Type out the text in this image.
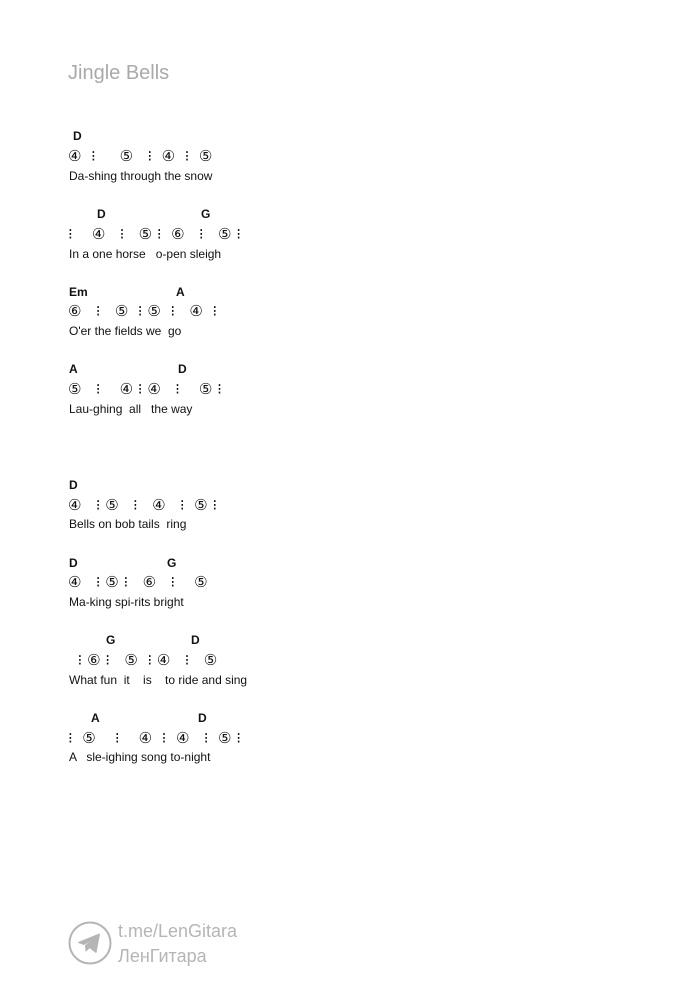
Jingle Bells
D
④  ⁝     ⑤   ⁝  ④  ⁝  ⑤
Da-shing through the snow
D	G
⁝    ④   ⁝   ⑤ ⁝  ⑥   ⁝   ⑤ ⁝
In a one horse   o-pen sleigh
Em	A
⑥   ⁝   ⑤  ⁝ ⑤  ⁝   ④  ⁝
O'er the fields we  go
A	D
⑤   ⁝    ④ ⁝ ④   ⁝    ⑤ ⁝
Lau-ghing  all   the way
D
④   ⁝ ⑤   ⁝   ④   ⁝  ⑤ ⁝
Bells on bob tails  ring
D	G
④   ⁝ ⑤ ⁝   ⑥   ⁝    ⑤
Ma-king spi-rits bright
G	D
⁝ ⑥ ⁝   ⑤  ⁝ ④   ⁝   ⑤
What fun  it    is    to ride and sing
A	D
⁝  ⑤    ⁝    ④  ⁝  ④   ⁝  ⑤ ⁝
A   sle-ighing song to-night
t.me/LenGitara
ЛенГитара
